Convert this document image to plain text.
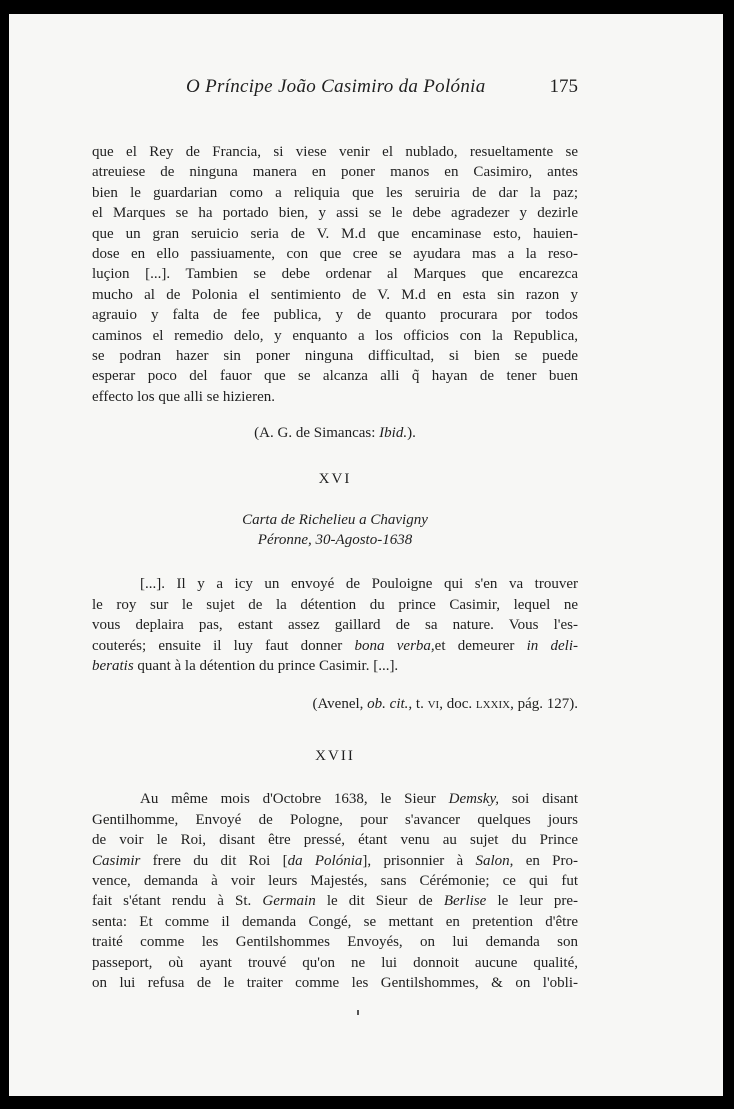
O Príncipe João Casimiro da Polónia	175

que el Rey de Francia, si viese venir el nublado, resueltamente se
atreuiese de ninguna manera en poner manos en Casimiro, antes
bien le guardarian como a reliquia que les seruiria de dar la paz;
el Marques se ha portado bien, y assi se le debe agradezer y dezirle
que un gran seruicio seria de V. M.d que encaminase esto, hauien-
dose en ello passiuamente, con que cree se ayudara mas a la reso-
luçion [...]. Tambien se debe ordenar al Marques que encarezca
mucho al de Polonia el sentimiento de V. M.d en esta sin razon y
agrauio y falta de fee publica, y de quanto procurara por todos
caminos el remedio delo, y enquanto a los officios con la Republica,
se podran hazer sin poner ninguna difficultad, si bien se puede
esperar poco del fauor que se alcanza alli q̃ hayan de tener buen
effecto los que alli se hizieren.

(A. G. de Simancas: Ibid.).

XVI

Carta de Richelieu a Chavigny

Péronne, 30-Agosto-1638

[...]. Il y a icy un envoyé de Pouloigne qui s'en va trouver
le roy sur le sujet de la détention du prince Casimir, lequel ne
vous deplaira pas, estant assez gaillard de sa nature. Vous l'es-
couterés; ensuite il luy faut donner bona verba,et demeurer in deli-
beratis quant à la détention du prince Casimir. [...].

(Avenel, ob. cit., t. vi, doc. lxxix, pág. 127).

XVII

Au même mois d'Octobre 1638, le Sieur Demsky, soi disant
Gentilhomme, Envoyé de Pologne, pour s'avancer quelques jours
de voir le Roi, disant être pressé, étant venu au sujet du Prince
Casimir frere du dit Roi [da Polónia], prisonnier à Salon, en Pro-
vence, demanda à voir leurs Majestés, sans Cérémonie; ce qui fut
fait s'étant rendu à St. Germain le dit Sieur de Berlise le leur pre-
senta: Et comme il demanda Congé, se mettant en pretention d'être
traité comme les Gentilshommes Envoyés, on lui demanda son
passeport, où ayant trouvé qu'on ne lui donnoit aucune qualité,
on lui refusa de le traiter comme les Gentilshommes, & on l'obli-
